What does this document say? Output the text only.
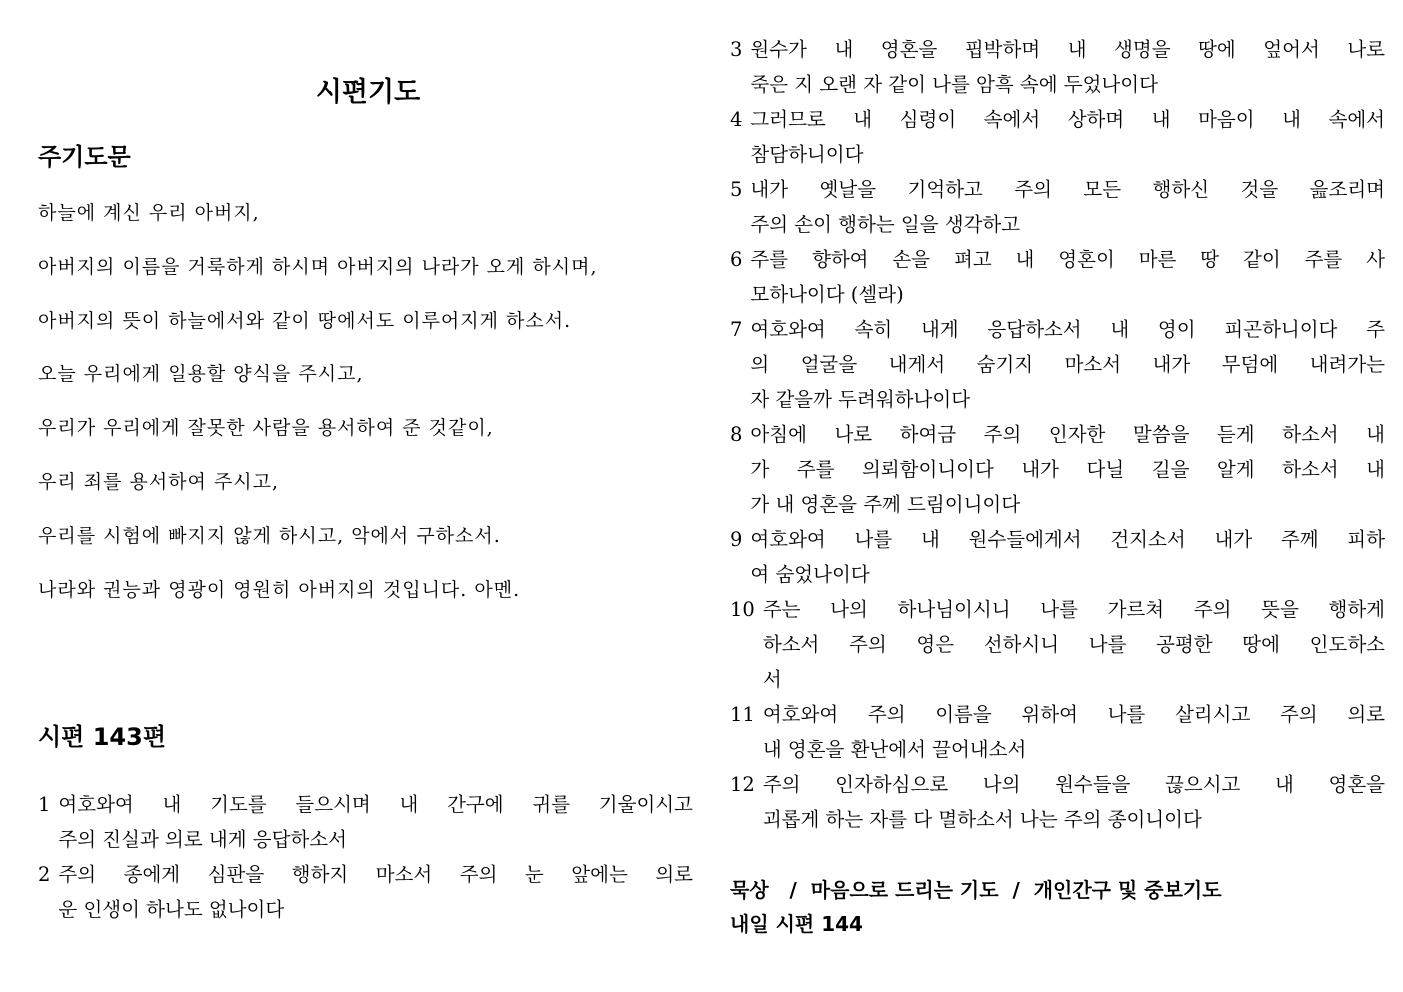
시편기도
주기도문
하늘에 계신 우리 아버지,
아버지의 이름을 거룩하게 하시며 아버지의 나라가 오게 하시며,
아버지의 뜻이 하늘에서와 같이 땅에서도 이루어지게 하소서.
오늘 우리에게 일용할 양식을 주시고,
우리가 우리에게 잘못한 사람을 용서하여 준 것같이,
우리 죄를 용서하여 주시고,
우리를 시험에 빠지지 않게 하시고, 악에서 구하소서.
나라와 권능과 영광이 영원히 아버지의 것입니다. 아멘.
시편 143편
1 여호와여 내 기도를 들으시며 내 간구에 귀를 기울이시고
주의 진실과 의로 내게 응답하소서
2 주의 종에게 심판을 행하지 마소서 주의 눈 앞에는 의로
운 인생이 하나도 없나이다
3 원수가 내 영혼을 핍박하며 내 생명을 땅에 엎어서 나로
죽은 지 오랜 자 같이 나를 암흑 속에 두었나이다
4 그러므로 내 심령이 속에서 상하며 내 마음이 내 속에서
참담하니이다
5 내가 옛날을 기억하고 주의 모든 행하신 것을 읊조리며
주의 손이 행하는 일을 생각하고
6 주를 향하여 손을 펴고 내 영혼이 마른 땅 같이 주를 사
모하나이다 (셀라)
7 여호와여 속히 내게 응답하소서 내 영이 피곤하니이다 주
의 얼굴을 내게서 숨기지 마소서 내가 무덤에 내려가는
자 같을까 두려워하나이다
8 아침에 나로 하여금 주의 인자한 말씀을 듣게 하소서 내
가 주를 의뢰함이니이다 내가 다닐 길을 알게 하소서 내
가 내 영혼을 주께 드림이니이다
9 여호와여 나를 내 원수들에게서 건지소서 내가 주께 피하
여 숨었나이다
10 주는 나의 하나님이시니 나를 가르쳐 주의 뜻을 행하게
하소서 주의 영은 선하시니 나를 공평한 땅에 인도하소
서
11 여호와여 주의 이름을 위하여 나를 살리시고 주의 의로
내 영혼을 환난에서 끌어내소서
12 주의 인자하심으로 나의 원수들을 끊으시고 내 영혼을
괴롭게 하는 자를 다 멸하소서 나는 주의 종이니이다
묵상   /  마음으로 드리는 기도  /  개인간구 및 중보기도
내일 시편 144
